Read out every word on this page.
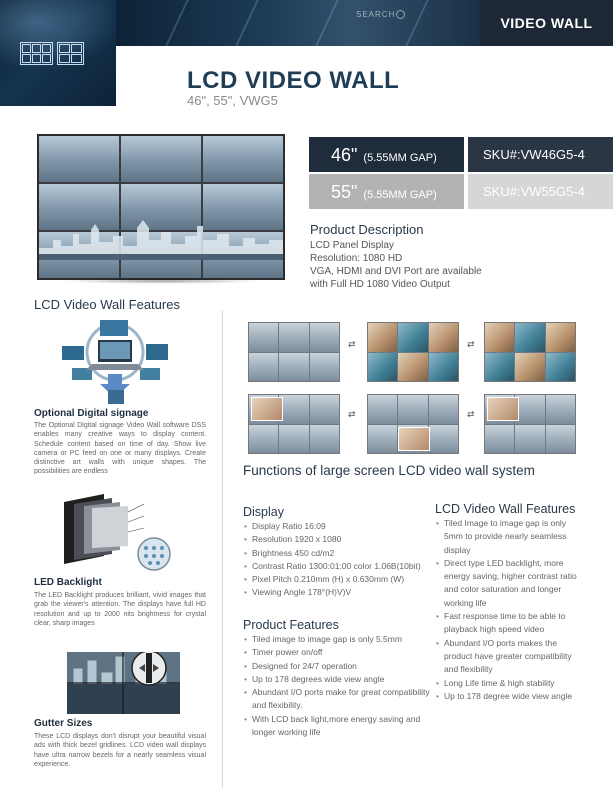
SEARCH
VIDEO WALL
LCD VIDEO WALL
46", 55", VWG5
46" (5.55MM GAP)	SKU#:VW46G5-4
55" (5.55MM GAP)	SKU#:VW55G5-4
Product Description
LCD Panel Display
Resolution: 1080 HD
VGA, HDMI and DVI Port are available
with Full HD 1080 Video Output
LCD Video Wall Features
Optional Digital signage
The Optional Digital signage Video Wall software DSS enables many creative ways to display content. Schedule content based on time of day. Show live camera or PC feed on one or many displays. Create distinctive art walls with unique shapes. The possibilities are endless
LED Backlight
The LED Backlight produces brilliant, vivid images that grab the viewer's attention. The displays have full HD resolution and up to 2000 nits brightness for crystal clear, sharp images
Gutter Sizes
These LCD displays don't disrupt your beautiful visual ads with thick bezel gridlines. LCD video wall displays have ultra narrow bezels for a nearly seamless visual experience.
⇄	⇄
⇄	⇄
Functions of large screen LCD video wall system
Display
• Display Ratio 16:09
• Resolution 1920 x 1080
• Brightness 450 cd/m2
• Contrast Ratio 1300:01:00 color 1.06B(10bit)
• Pixel Pitch 0.210mm (H) x 0.630mm (W)
• Viewing Angle 178°(H)V)V
Product Features
• Tiled image to image gap is only 5.5mm
• Timer power on/off
• Designed for 24/7 operation
• Up to 178 degrees wide view angle
• Abundant I/O ports make for great compatibility and flexibility.
• With LCD back light,more energy saving and longer working life
LCD Video Wall Features
• Tiled Image to image gap is only 5mm to provide nearly seamless display
• Direct type LED backlight, more energy saving, higher contrast ratio and color saturation and longer working life
• Fast response time to be able to playback high speed video
• Abundant I/O ports makes the product have greater compatibility and flexibility
• Long Life time & high stability
• Up to 178 degree wide view angle
